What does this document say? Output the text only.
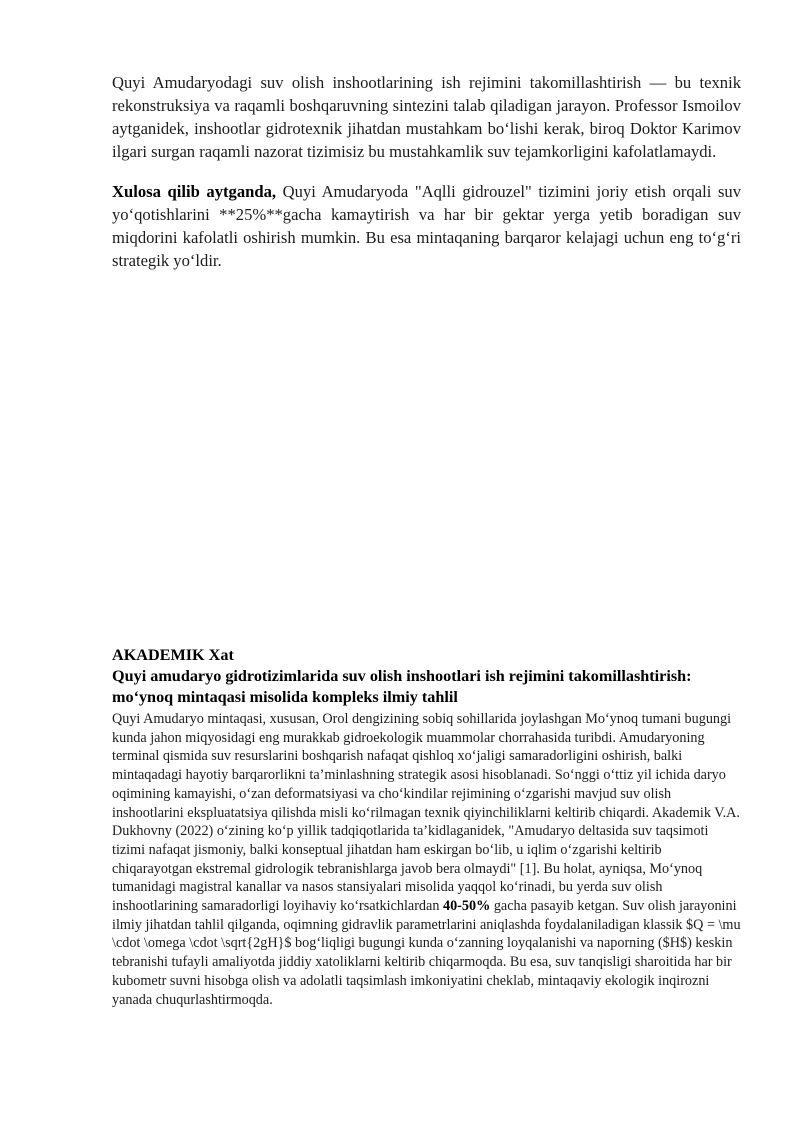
Quyi Amudaryodagi suv olish inshootlarining ish rejimini takomillashtirish — bu texnik rekonstruksiya va raqamli boshqaruvning sintezini talab qiladigan jarayon. Professor Ismoilov aytganidek, inshootlar gidrotexnik jihatdan mustahkam bo‘lishi kerak, biroq Doktor Karimov ilgari surgan raqamli nazorat tizimisiz bu mustahkamlik suv tejamkorligini kafolatlamaydi.

Xulosa qilib aytganda, Quyi Amudaryoda "Aqlli gidrouzel" tizimini joriy etish orqali suv yo‘qotishlarini **25%**gacha kamaytirish va har bir gektar yerga yetib boradigan suv miqdorini kafolatli oshirish mumkin. Bu esa mintaqaning barqaror kelajagi uchun eng to‘g‘ri strategik yo‘ldir.

AKADEMIK Xat
Quyi amudaryo gidrotizimlarida suv olish inshootlari ish rejimini takomillashtirish: mo‘ynoq mintaqasi misolida kompleks ilmiy tahlil

Quyi Amudaryo mintaqasi, xususan, Orol dengizining sobiq sohillarida joylashgan Mo‘ynoq tumani bugungi kunda jahon miqyosidagi eng murakkab gidroekologik muammolar chorrahasida turibdi. Amudaryoning terminal qismida suv resurslarini boshqarish nafaqat qishloq xo‘jaligi samaradorligini oshirish, balki mintaqadagi hayotiy barqarorlikni ta’minlashning strategik asosi hisoblanadi. So‘nggi o‘ttiz yil ichida daryo oqimining kamayishi, o‘zan deformatsiyasi va cho‘kindilar rejimining o‘zgarishi mavjud suv olish inshootlarini ekspluatatsiya qilishda misli ko‘rilmagan texnik qiyinchiliklarni keltirib chiqardi. Akademik V.A. Dukhovny (2022) o‘zining ko‘p yillik tadqiqotlarida ta’kidlaganidek, "Amudaryo deltasida suv taqsimoti tizimi nafaqat jismoniy, balki konseptual jihatdan ham eskirgan bo‘lib, u iqlim o‘zgarishi keltirib chiqarayotgan ekstremal gidrologik tebranishlarga javob bera olmaydi" [1]. Bu holat, ayniqsa, Mo‘ynoq tumanidagi magistral kanallar va nasos stansiyalari misolida yaqqol ko‘rinadi, bu yerda suv olish inshootlarining samaradorligi loyihaviy ko‘rsatkichlardan 40-50% gacha pasayib ketgan. Suv olish jarayonini ilmiy jihatdan tahlil qilganda, oqimning gidravlik parametrlarini aniqlashda foydalaniladigan klassik $Q = \mu \cdot \omega \cdot \sqrt{2gH}$ bog‘liqligi bugungi kunda o‘zanning loyqalanishi va naporning ($H$) keskin tebranishi tufayli amaliyotda jiddiy xatoliklarni keltirib chiqarmoqda. Bu esa, suv tanqisligi sharoitida har bir kubometr suvni hisobga olish va adolatli taqsimlash imkoniyatini cheklab, mintaqaviy ekologik inqirozni yanada chuqurlashtirmoqda.
